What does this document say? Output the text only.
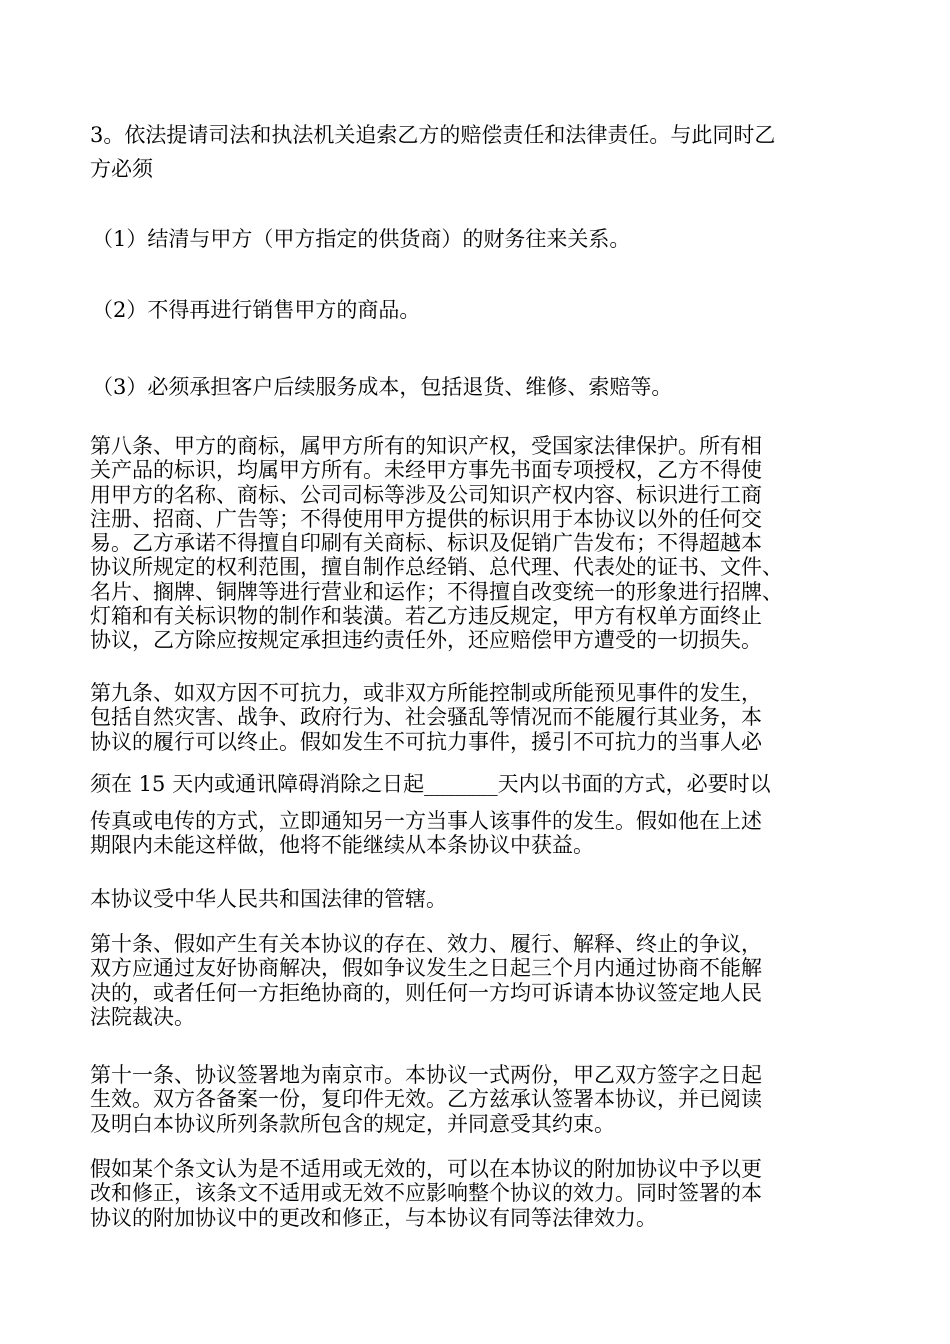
3。依法提请司法和执法机关追索乙方的赔偿责任和法律责任。与此同时乙
方必须

（1）结清与甲方（甲方指定的供货商）的财务往来关系。

（2）不得再进行销售甲方的商品。

（3）必须承担客户后续服务成本，包括退货、维修、索赔等。

第八条、甲方的商标，属甲方所有的知识产权，受国家法律保护。所有相
关产品的标识，均属甲方所有。未经甲方事先书面专项授权，乙方不得使
用甲方的名称、商标、公司司标等涉及公司知识产权内容、标识进行工商
注册、招商、广告等；不得使用甲方提供的标识用于本协议以外的任何交
易。乙方承诺不得擅自印刷有关商标、标识及促销广告发布；不得超越本
协议所规定的权利范围，擅自制作总经销、总代理、代表处的证书、文件、
名片、搁牌、铜牌等进行营业和运作；不得擅自改变统一的形象进行招牌、
灯箱和有关标识物的制作和装潢。若乙方违反规定，甲方有权单方面终止
协议，乙方除应按规定承担违约责任外，还应赔偿甲方遭受的一切损失。

第九条、如双方因不可抗力，或非双方所能控制或所能预见事件的发生，
包括自然灾害、战争、政府行为、社会骚乱等情况而不能履行其业务，本
协议的履行可以终止。假如发生不可抗力事件，援引不可抗力的当事人必

须在 15 天内或通讯障碍消除之日起_______天内以书面的方式，必要时以

传真或电传的方式，立即通知另一方当事人该事件的发生。假如他在上述
期限内未能这样做，他将不能继续从本条协议中获益。

本协议受中华人民共和国法律的管辖。

第十条、假如产生有关本协议的存在、效力、履行、解释、终止的争议，
双方应通过友好协商解决，假如争议发生之日起三个月内通过协商不能解
决的，或者任何一方拒绝协商的，则任何一方均可诉请本协议签定地人民
法院裁决。

第十一条、协议签署地为南京市。本协议一式两份，甲乙双方签字之日起
生效。双方各备案一份，复印件无效。乙方兹承认签署本协议，并已阅读
及明白本协议所列条款所包含的规定，并同意受其约束。

假如某个条文认为是不适用或无效的，可以在本协议的附加协议中予以更
改和修正，该条文不适用或无效不应影响整个协议的效力。同时签署的本
协议的附加协议中的更改和修正，与本协议有同等法律效力。
